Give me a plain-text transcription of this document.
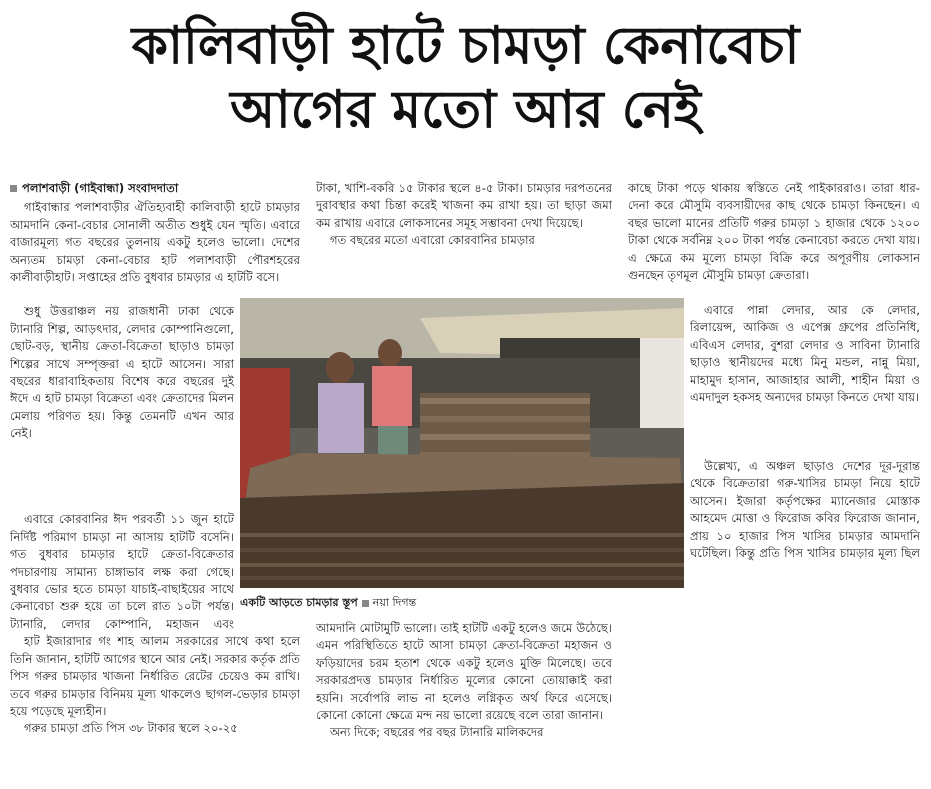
কালিবাড়ী হাটে চামড়া কেনাবেচা
আগের মতো আর নেই
পলাশবাড়ী (গাইবান্ধা) সংবাদদাতা

গাইবান্ধার পলাশবাড়ীর ঐতিহ্যবাহী কালিবাড়ী হাটে চামড়ার আমদানি কেনা-বেচার সোনালী অতীত শুধুই যেন স্মৃতি। এবারে বাজারমূল্য গত বছরের তুলনায় একটু হলেও ভালো। দেশের অন্যতম চামড়া কেনা-বেচার হাট পলাশবাড়ী পৌরশহরের কালীবাড়ীহাট। সপ্তাহের প্রতি বুধবার চামড়ার এ হাটটি বসে।

শুধু উত্তরাঞ্চল নয় রাজধানী ঢাকা থেকে ট্যানারি শিল্প, আড়ৎদার, লেদার কোম্পানিগুলো, ছোট-বড়, স্থানীয় ক্রেতা-বিক্রেতা ছাড়াও চামড়া শিল্পের সাথে সম্পৃক্তরা এ হাটে আসেন। সারা বছরের ধারাবাহিকতায় বিশেষ করে বছরের দুই ঈদে এ হাট চামড়া বিক্রেতা এবং ক্রেতাদের মিলন মেলায় পরিণত হয়। কিন্তু তেমনটি এখন আর নেই।

এবারে কোরবানির ঈদ পরবর্তী ১১ জুন হাটে নির্দিষ্ট পরিমাণ চামড়া না আসায় হাটটি বসেনি। গত বুধবার চামড়ার হাটে ক্রেতা-বিক্রেতার পদচারণায় সামান্য চাঙ্গাভাব লক্ষ করা গেছে। বুধবার ভোর হতে চামড়া যাচাই-বাছাইয়ের সাথে কেনাবেচা শুরু হয়ে তা চলে রাত ১০টা পর্যন্ত। ট্যানারি, লেদার কোম্পানি, মহাজন এবং

হাট ইজারাদার গং শাহ আলম সরকারের সাথে কথা হলে তিনি জানান, হাটটি আগের স্থানে আর নেই। সরকার কর্তৃক প্রতি পিস গরুর চামড়ার খাজনা নির্ধারিত রেটের চেয়েও কম রাখি। তবে গরুর চামড়ার বিনিময় মূল্য থাকলেও ছাগল-ভেড়ার চামড়া হয়ে পড়েছে মূল্যহীন।

গরুর চামড়া প্রতি পিস ৩৮ টাকার স্থলে ২০-২৫

টাকা, খাশি-বকরি ১৫ টাকার স্থলে ৪-৫ টাকা। চামড়ার দরপতনের দুরাবস্থার কথা চিন্তা করেই খাজনা কম রাখা হয়। তা ছাড়া জমা কম রাখায় এবারে লোকসানের সমূহ সম্ভাবনা দেখা দিয়েছে।

গত বছরের মতো এবারো কোরবানির চামড়ার

একটি আড়তে চামড়ার স্তূপ নয়া দিগন্ত

আমদানি মোটামুটি ভালো। তাই হাটটি একটু হলেও জমে উঠেছে। এমন পরিস্থিতিতে হাটে আসা চামড়া ক্রেতা-বিক্রেতা মহাজন ও ফড়িয়াদের চরম হতাশ থেকে একটু হলেও মুক্তি মিলেছে। তবে সরকারপ্রদত্ত চামড়ার নির্ধারিত মূল্যের কোনো তোয়াক্কাই করা হয়নি। সর্বোপরি লাভ না হলেও লগ্নিকৃত অর্থ ফিরে এসেছে। কোনো কোনো ক্ষেত্রে মন্দ নয় ভালো রয়েছে বলে তারা জানান।

অন্য দিকে; বছরের পর বছর ট্যানারি মালিকদের

কাছে টাকা পড়ে থাকায় স্বস্তিতে নেই পাইকাররাও। তারা ধার-দেনা করে মৌসুমি ব্যবসায়ীদের কাছ থেকে চামড়া কিনছেন। এ বছর ভালো মানের প্রতিটি গরুর চামড়া ১ হাজার থেকে ১২০০ টাকা থেকে সর্বনিম্ন ২০০ টাকা পর্যন্ত কেনাবেচা করতে দেখা যায়। এ ক্ষেত্রে কম মূল্যে চামড়া বিক্রি করে অপূরণীয় লোকসান গুনছেন তৃণমূল মৌসুমি চামড়া ক্রেতারা।

এবারে পান্না লেদার, আর কে লেদার, রিলায়েন্স, আকিজ ও এপেক্স গ্রুপের প্রতিনিধি, এবিএস লেদার, বুশরা লেদার ও সাবিনা ট্যানারি ছাড়াও স্থানীয়দের মধ্যে মিনু মন্ডল, নান্নু মিয়া, মাহামুদ হাসান, আজাহার আলী, শাহীন মিয়া ও এমদাদুল হকসহ অন্যদের চামড়া কিনতে দেখা যায়।

উল্লেখ্য, এ অঞ্চল ছাড়াও দেশের দূর-দূরান্ত থেকে বিক্রেতারা গরু-খাসির চামড়া নিয়ে হাটে আসেন। ইজারা কর্তৃপক্ষের ম্যানেজার মোস্তাক আহমেদ মোত্তা ও ফিরোজ কবির ফিরোজ জানান, প্রায় ১০ হাজার পিস খাসির চামড়ার আমদানি ঘটেছিল। কিন্তু প্রতি পিস খাসির চামড়ার মূল্য ছিল
